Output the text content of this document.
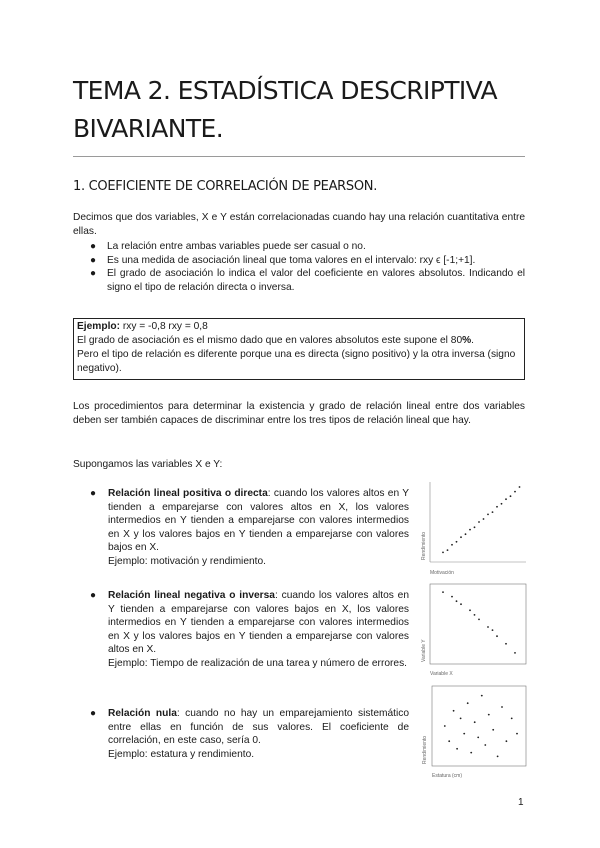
TEMA 2. ESTADÍSTICA DESCRIPTIVA
BIVARIANTE.
1. COEFICIENTE DE CORRELACIÓN DE PEARSON.

Decimos que dos variables, X e Y están correlacionadas cuando hay una relación cuantitativa entre ellas.

● La relación entre ambas variables puede ser casual o no.
● Es una medida de asociación lineal que toma valores en el intervalo: rxy ϵ [-1;+1].
● El grado de asociación lo indica el valor del coeficiente en valores absolutos. Indicando el signo el tipo de relación directa o inversa.
Ejemplo: rxy = -0,8 rxy = 0,8
El grado de asociación es el mismo dado que en valores absolutos este supone el 80%.
Pero el tipo de relación es diferente porque una es directa (signo positivo) y la otra inversa (signo negativo).

Los procedimientos para determinar la existencia y grado de relación lineal entre dos variables deben ser también capaces de discriminar entre los tres tipos de relación lineal que hay.

Supongamos las variables X e Y:

●	Relación lineal positiva o directa: cuando los valores altos en Y tienden a emparejarse con valores altos en X, los valores intermedios en Y tienden a emparejarse con valores intermedios en X y los valores bajos en Y tienden a emparejarse con valores bajos en X.
Ejemplo: motivación y rendimiento.
●	Relación lineal negativa o inversa: cuando los valores altos en Y tienden a emparejarse con valores bajos en X, los valores intermedios en Y tienden a emparejarse con valores intermedios en X y los valores bajos en Y tienden a emparejarse con valores altos en X.
Ejemplo: Tiempo de realización de una tarea y número de errores.
●	Relación nula: cuando no hay un emparejamiento sistemático entre ellas en función de sus valores. El coeficiente de correlación, en este caso, sería 0.
Ejemplo: estatura y rendimiento.
Motivación
Rendimiento
Variable X
Variable Y
Estatura (cm)
Rendimiento
1
